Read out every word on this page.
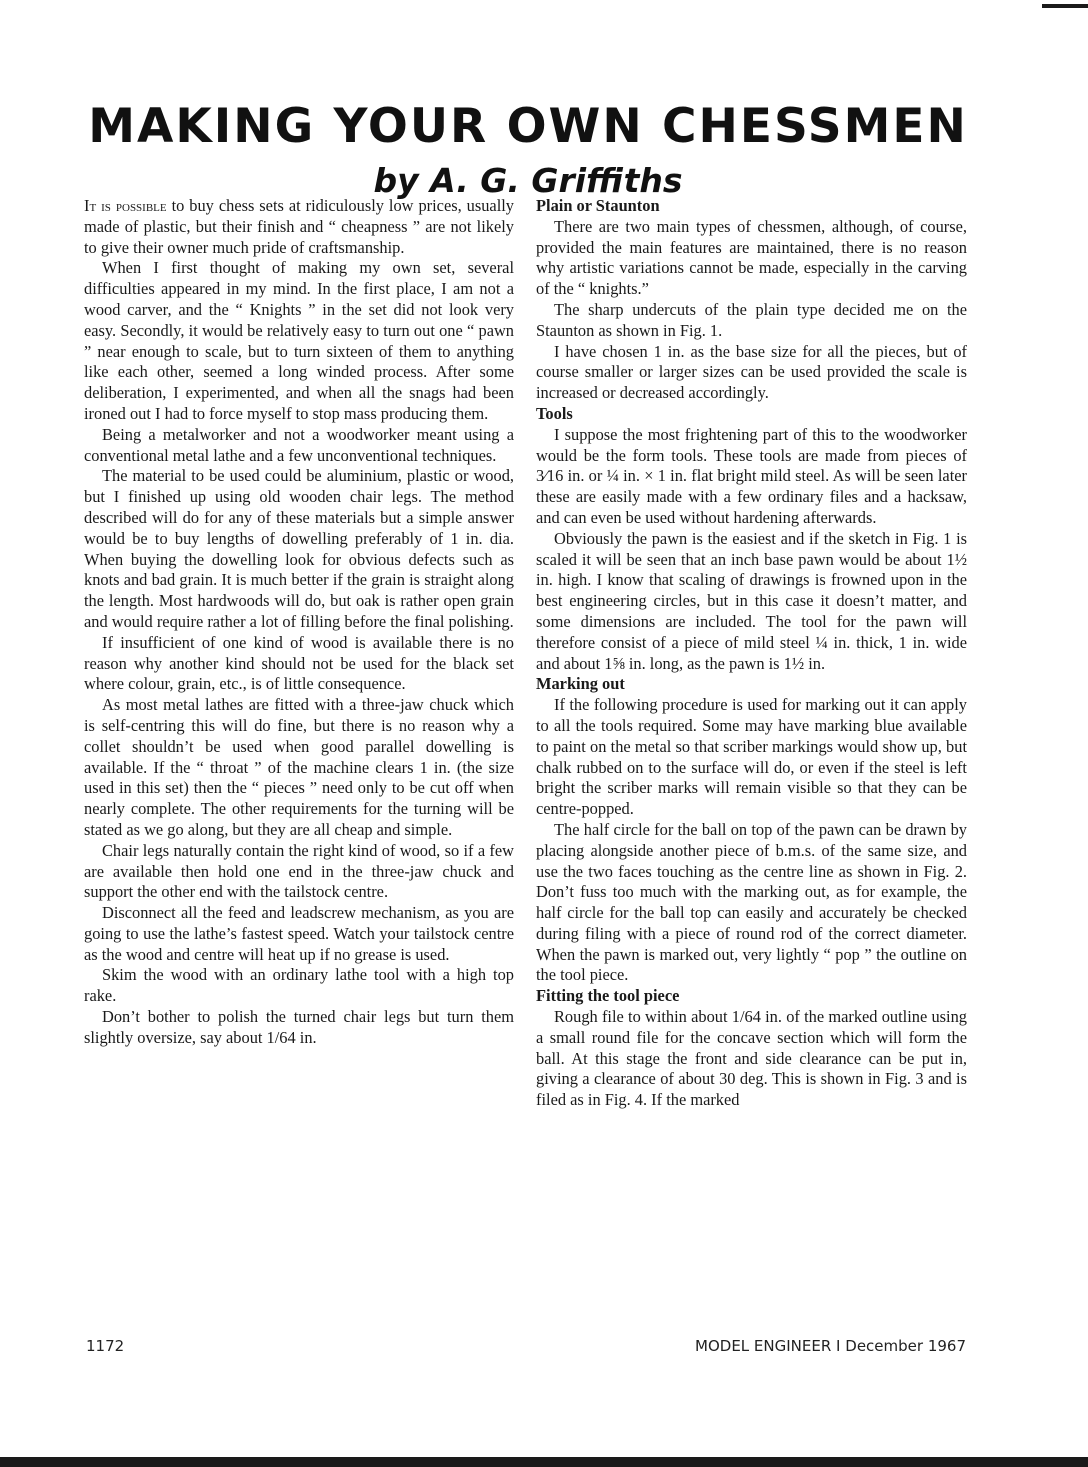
MAKING YOUR OWN CHESSMEN
by A. G. Griffiths

It is possible to buy chess sets at ridiculously low prices, usually made of plastic, but their finish and “ cheapness ” are not likely to give their owner much pride of craftsmanship.

When I first thought of making my own set, several difficulties appeared in my mind. In the first place, I am not a wood carver, and the “ Knights ” in the set did not look very easy. Secondly, it would be relatively easy to turn out one “ pawn ” near enough to scale, but to turn sixteen of them to anything like each other, seemed a long winded process. After some deliberation, I experimented, and when all the snags had been ironed out I had to force myself to stop mass producing them.

Being a metalworker and not a woodworker meant using a conventional metal lathe and a few unconventional techniques.

The material to be used could be aluminium, plastic or wood, but I finished up using old wooden chair legs. The method described will do for any of these materials but a simple answer would be to buy lengths of dowelling preferably of 1 in. dia. When buying the dowelling look for obvious defects such as knots and bad grain. It is much better if the grain is straight along the length. Most hardwoods will do, but oak is rather open grain and would require rather a lot of filling before the final polishing.

If insufficient of one kind of wood is available there is no reason why another kind should not be used for the black set where colour, grain, etc., is of little consequence.

As most metal lathes are fitted with a three-jaw chuck which is self-centring this will do fine, but there is no reason why a collet shouldn’t be used when good parallel dowelling is available. If the “ throat ” of the machine clears 1 in. (the size used in this set) then the “ pieces ” need only to be cut off when nearly complete. The other requirements for the turning will be stated as we go along, but they are all cheap and simple.

Chair legs naturally contain the right kind of wood, so if a few are available then hold one end in the three-jaw chuck and support the other end with the tailstock centre.

Disconnect all the feed and leadscrew mechanism, as you are going to use the lathe’s fastest speed. Watch your tailstock centre as the wood and centre will heat up if no grease is used.

Skim the wood with an ordinary lathe tool with a high top rake.

Don’t bother to polish the turned chair legs but turn them slightly oversize, say about 1/64 in.

Plain or Staunton

There are two main types of chessmen, although, of course, provided the main features are maintained, there is no reason why artistic variations cannot be made, especially in the carving of the “ knights.”

The sharp undercuts of the plain type decided me on the Staunton as shown in Fig. 1.

I have chosen 1 in. as the base size for all the pieces, but of course smaller or larger sizes can be used provided the scale is increased or decreased accordingly.

Tools

I suppose the most frightening part of this to the woodworker would be the form tools. These tools are made from pieces of 3⁄16 in. or ¼ in. × 1 in. flat bright mild steel. As will be seen later these are easily made with a few ordinary files and a hacksaw, and can even be used without hardening afterwards.

Obviously the pawn is the easiest and if the sketch in Fig. 1 is scaled it will be seen that an inch base pawn would be about 1½ in. high. I know that scaling of drawings is frowned upon in the best engineering circles, but in this case it doesn’t matter, and some dimensions are included. The tool for the pawn will therefore consist of a piece of mild steel ¼ in. thick, 1 in. wide and about 1⅝ in. long, as the pawn is 1½ in.

Marking out

If the following procedure is used for marking out it can apply to all the tools required. Some may have marking blue available to paint on the metal so that scriber markings would show up, but chalk rubbed on to the surface will do, or even if the steel is left bright the scriber marks will remain visible so that they can be centre-popped.

The half circle for the ball on top of the pawn can be drawn by placing alongside another piece of b.m.s. of the same size, and use the two faces touching as the centre line as shown in Fig. 2. Don’t fuss too much with the marking out, as for example, the half circle for the ball top can easily and accurately be checked during filing with a piece of round rod of the correct diameter. When the pawn is marked out, very lightly “ pop ” the outline on the tool piece.

Fitting the tool piece

Rough file to within about 1/64 in. of the marked outline using a small round file for the concave section which will form the ball. At this stage the front and side clearance can be put in, giving a clearance of about 30 deg. This is shown in Fig. 3 and is filed as in Fig. 4. If the marked

1172	MODEL ENGINEER I December 1967
